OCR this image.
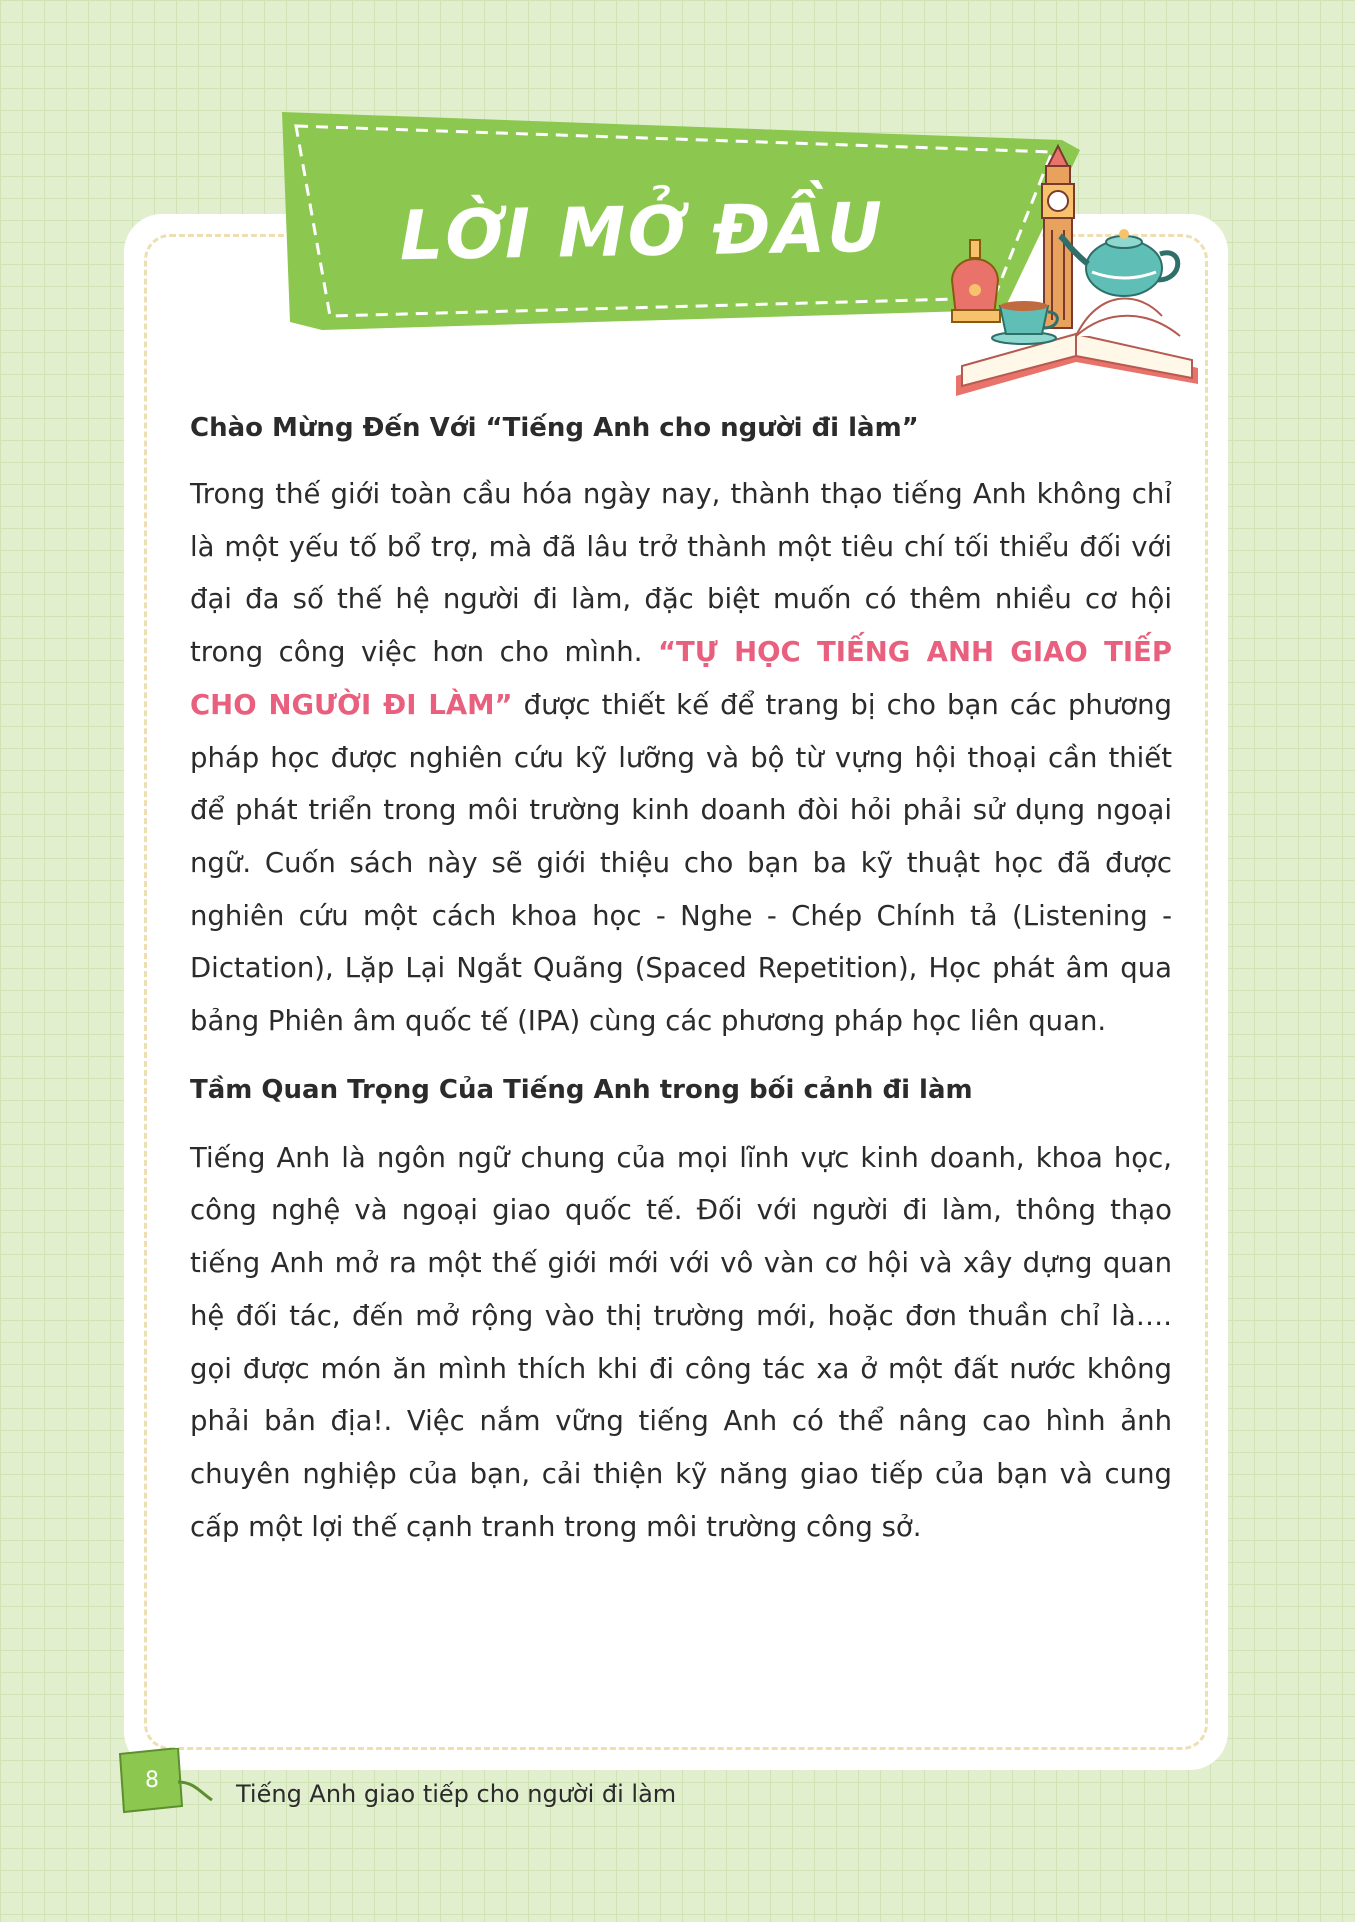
LỜI MỞ ĐẦU
Chào Mừng Đến Với “Tiếng Anh cho người đi làm”

Trong thế giới toàn cầu hóa ngày nay, thành thạo tiếng Anh không chỉ là một yếu tố bổ trợ, mà đã lâu trở thành một tiêu chí tối thiểu đối với đại đa số thế hệ người đi làm, đặc biệt muốn có thêm nhiều cơ hội trong công việc hơn cho mình. “TỰ HỌC TIẾNG ANH GIAO TIẾP CHO NGƯỜI ĐI LÀM” được thiết kế để trang bị cho bạn các phương pháp học được nghiên cứu kỹ lưỡng và bộ từ vựng hội thoại cần thiết để phát triển trong môi trường kinh doanh đòi hỏi phải sử dụng ngoại ngữ. Cuốn sách này sẽ giới thiệu cho bạn ba kỹ thuật học đã được nghiên cứu một cách khoa học - Nghe - Chép Chính tả (Listening - Dictation), Lặp Lại Ngắt Quãng (Spaced Repetition), Học phát âm qua bảng Phiên âm quốc tế (IPA) cùng các phương pháp học liên quan.

Tầm Quan Trọng Của Tiếng Anh trong bối cảnh đi làm

Tiếng Anh là ngôn ngữ chung của mọi lĩnh vực kinh doanh, khoa học, công nghệ và ngoại giao quốc tế. Đối với người đi làm, thông thạo tiếng Anh mở ra một thế giới mới với vô vàn cơ hội và xây dựng quan hệ đối tác, đến mở rộng vào thị trường mới, hoặc đơn thuần chỉ là…. gọi được món ăn mình thích khi đi công tác xa ở một đất nước không phải bản địa!. Việc nắm vững tiếng Anh có thể nâng cao hình ảnh chuyên nghiệp của bạn, cải thiện kỹ năng giao tiếp của bạn và cung cấp một lợi thế cạnh tranh trong môi trường công sở.

8	Tiếng Anh giao tiếp cho người đi làm
